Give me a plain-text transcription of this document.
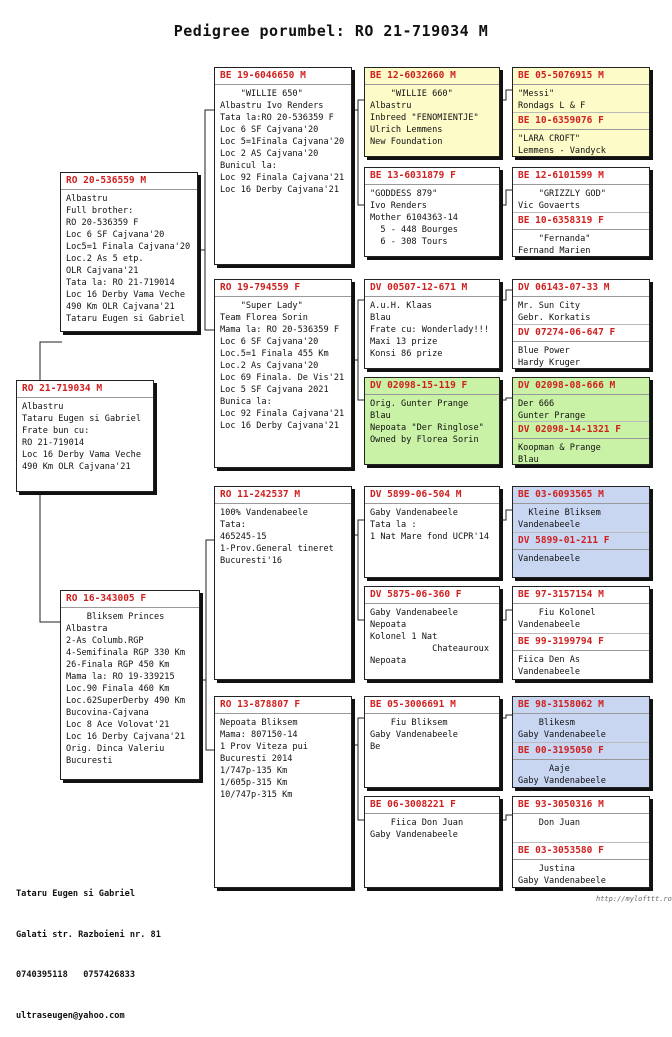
Pedigree porumbel: RO 21-719034 M
RO 21-719034 M
Albastru
Tataru Eugen si Gabriel
Frate bun cu:
RO 21-719014
Loc 16 Derby Vama Veche
490 Km OLR Cajvana'21
RO 20-536559 M
Albastru
Full brother:
RO 20-536359 F
Loc 6 SF Cajvana'20
Loc5=1 Finala Cajvana'20
Loc.2 As 5 etp.
OLR Cajvana'21
Tata la: RO 21-719014
Loc 16 Derby Vama Veche
490 Km OLR Cajvana'21
Tataru Eugen si Gabriel
RO 16-343005 F
Bliksem Princes
Albastra
2-As Columb.RGP
4-Semifinala RGP 330 Km
26-Finala RGP 450 Km
Mama la: RO 19-339215
Loc.90 Finala 460 Km
Loc.62SuperDerby 490 Km
Bucovina-Cajvana
Loc 8 Ace Volovat'21
Loc 16 Derby Cajvana'21
Orig. Dinca Valeriu
Bucuresti
BE 19-6046650 M
"WILLIE 650"
Albastru Ivo Renders
Tata la:RO 20-536359 F
Loc 6 SF Cajvana'20
Loc 5=1Finala Cajvana'20
Loc 2 AS Cajvana'20
Bunicul la:
Loc 92 Finala Cajvana'21
Loc 16 Derby Cajvana'21
RO 19-794559 F
"Super Lady"
Team Florea Sorin
Mama la: RO 20-536359 F
Loc 6 SF Cajvana'20
Loc.5=1 Finala 455 Km
Loc.2 As Cajvana'20
Loc 69 Finala. De Vis'21
Loc 5 SF Cajvana 2021
Bunica la:
Loc 92 Finala Cajvana'21
Loc 16 Derby Cajvana'21
RO 11-242537 M
100% Vandenabeele
Tata:
465245-15
1-Prov.General tineret
Bucuresti'16
RO 13-878807 F
Nepoata Bliksem
Mama: 807150-14
1 Prov Viteza pui
Bucuresti 2014
1/747p-135 Km
1/605p-315 Km
10/747p-315 Km
BE 12-6032660 M
"WILLIE 660"
Albastru
Inbreed "FENOMIENTJE"
Ulrich Lemmens
New Foundation
BE 13-6031879 F
"GODDESS 879"
Ivo Renders
Mother 6104363-14
5 - 448 Bourges
6 - 308 Tours
DV 00507-12-671 M
A.u.H. Klaas
Blau
Frate cu: Wonderlady!!!
Maxi 13 prize
Konsi 86 prize
DV 02098-15-119 F
Orig. Gunter Prange
Blau
Nepoata "Der Ringlose"
Owned by Florea Sorin
DV 5899-06-504 M
Gaby Vandenabeele
Tata la :
1 Nat Mare fond UCPR'14
DV 5875-06-360 F
Gaby Vandenabeele
Nepoata
Kolonel 1 Nat
Chateauroux
Nepoata
BE 05-3006691 M
Fiu Bliksem
Gaby Vandenabeele
Be
BE 06-3008221 F
Fiica Don Juan
Gaby Vandenabeele
BE 05-5076915 M
"Messi"
Rondags L & F
BE 10-6359076 F
"LARA CROFT"
Lemmens - Vandyck
BE 12-6101599 M
"GRIZZLY GOD"
Vic Govaerts
BE 10-6358319 F
"Fernanda"
Fernand Marien
DV 06143-07-33 M
Mr. Sun City
Gebr. Korkatis
DV 07274-06-647 F
Blue Power
Hardy Kruger
DV 02098-08-666 M
Der 666
Gunter Prange
DV 02098-14-1321 F
Koopman & Prange
Blau
BE 03-6093565 M
Kleine Bliksem
Vandenabeele
DV 5899-01-211 F
Vandenabeele
BE 97-3157154 M
Fiu Kolonel
Vandenabeele
BE 99-3199794 F
Fiica Den As
Vandenabeele
BE 98-3158062 M
Blikesm
Gaby Vandenabeele
BE 00-3195050 F
Aaje
Gaby Vandenabeele
BE 93-3050316 M
Don Juan
BE 03-3053580 F
Justina
Gaby Vandenabeele

Tataru Eugen si Gabriel

Galati str. Razboieni nr. 81

0740395118   0757426833

ultraseugen@yahoo.com

http://mylofttt.ro
